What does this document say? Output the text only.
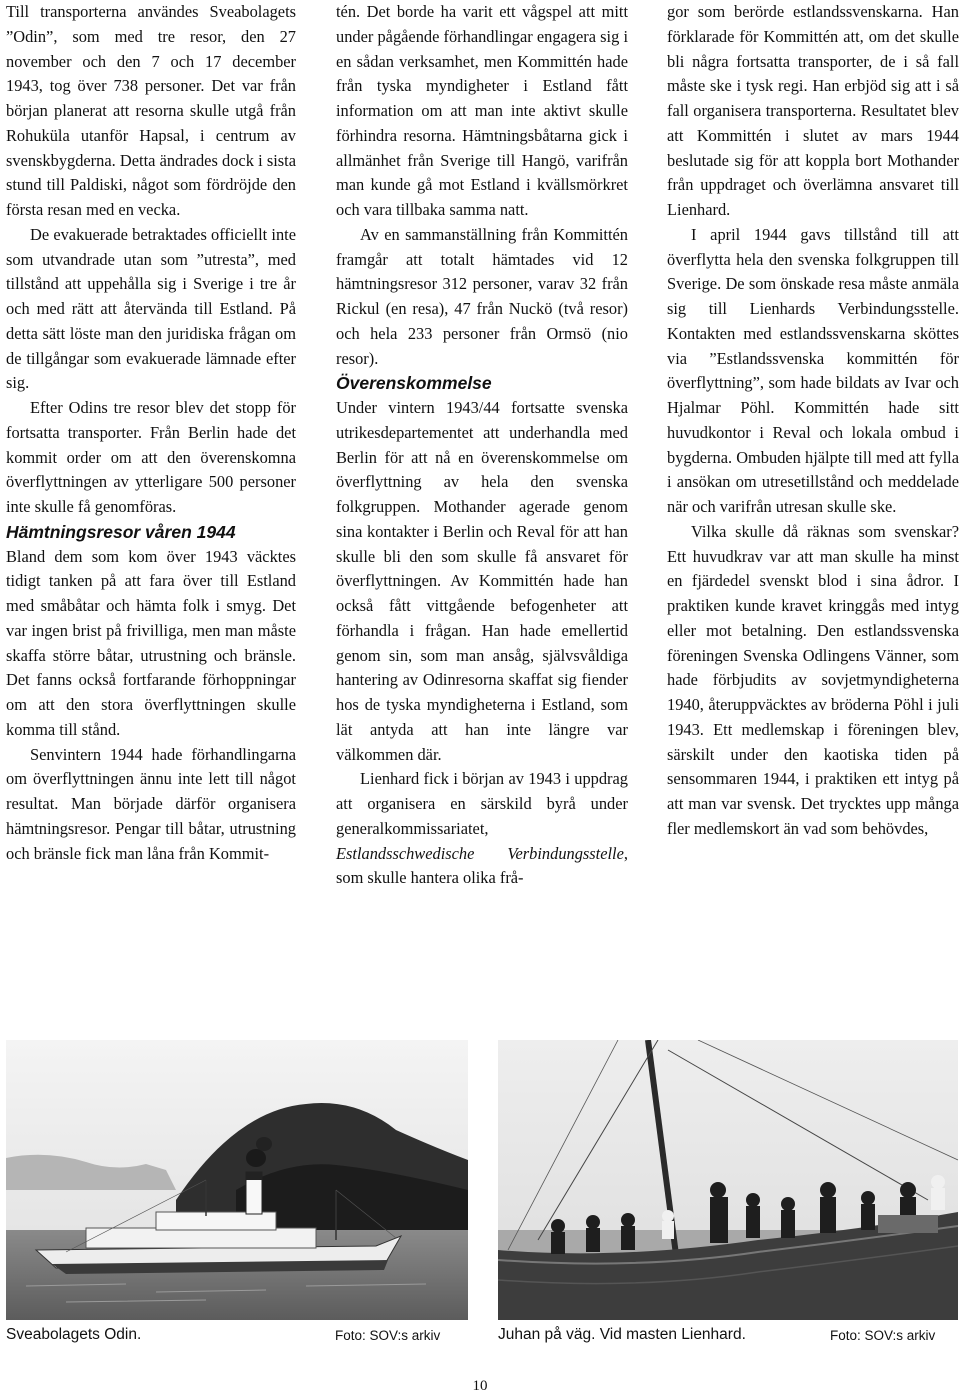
Till transporterna användes Sveabolagets ”Odin”, som med tre resor, den 27 november och den 7 och 17 december 1943, tog över 738 personer. Det var från början planerat att resorna skulle utgå från Rohuküla utanför Hapsal, i centrum av svenskbygderna. Detta ändrades dock i sista stund till Paldiski, något som fördröjde den första resan med en vecka.

De evakuerade betraktades officiellt inte som utvandrade utan som ”utresta”, med tillstånd att uppehålla sig i Sverige i tre år och med rätt att återvända till Estland. På detta sätt löste man den juridiska frågan om de tillgångar som evakuerade lämnade efter sig.

Efter Odins tre resor blev det stopp för fortsatta transporter. Från Berlin hade det kommit order om att den överenskomna överflyttningen av ytterligare 500 personer inte skulle få genomföras.

Hämtningsresor våren 1944

Bland dem som kom över 1943 väcktes tidigt tanken på att fara över till Estland med småbåtar och hämta folk i smyg. Det var ingen brist på frivilliga, men man måste skaffa större båtar, utrustning och bränsle. Det fanns också fortfarande förhoppningar om att den stora överflyttningen skulle komma till stånd.

Senvintern 1944 hade förhandlingarna om överflyttningen ännu inte lett till något resultat. Man började därför organisera hämtningsresor. Pengar till båtar, utrustning och bränsle fick man låna från Kommit-

tén. Det borde ha varit ett vågspel att mitt under pågående förhandlingar engagera sig i en sådan verksamhet, men Kommittén hade från tyska myndigheter i Estland fått information om att man inte aktivt skulle förhindra resorna. Hämtningsbåtarna gick i allmänhet från Sverige till Hangö, varifrån man kunde gå mot Estland i kvällsmörkret och vara tillbaka samma natt.

Av en sammanställning från Kommittén framgår att totalt hämtades vid 12 hämtningsresor 312 personer, varav 32 från Rickul (en resa), 47 från Nuckö (två resor) och hela 233 personer från Ormsö (nio resor).

Överenskommelse

Under vintern 1943/44 fortsatte svenska utrikesdepartementet att underhandla med Berlin för att nå en överenskommelse om överflyttning av hela den svenska folkgruppen. Mothander agerade genom sina kontakter i Berlin och Reval för att han skulle bli den som skulle få ansvaret för överflyttningen. Av Kommittén hade han också fått vittgående befogenheter att förhandla i frågan. Han hade emellertid genom sin, som man ansåg, självsvåldiga hantering av Odinresorna skaffat sig fiender hos de tyska myndigheterna i Estland, som lät antyda att han inte längre var välkommen där.

Lienhard fick i början av 1943 i uppdrag att organisera en särskild byrå under generalkommissariatet, Estlandsschwedische Verbindungsstelle, som skulle hantera olika frå-

gor som berörde estlandssvenskarna. Han förklarade för Kommittén att, om det skulle bli några fortsatta transporter, de i så fall måste ske i tysk regi. Han erbjöd sig att i så fall organisera transporterna. Resultatet blev att Kommittén i slutet av mars 1944 beslutade sig för att koppla bort Mothander från uppdraget och överlämna ansvaret till Lienhard.

I april 1944 gavs tillstånd till att överflytta hela den svenska folkgruppen till Sverige. De som önskade resa måste anmäla sig till Lienhards Verbindungsstelle. Kontakten med estlandssvenskarna sköttes via ”Estlandssvenska kommittén för överflyttning”, som hade bildats av Ivar och Hjalmar Pöhl. Kommittén hade sitt huvudkontor i Reval och lokala ombud i bygderna. Ombuden hjälpte till med att fylla i ansökan om utresetillstånd och meddelade när och varifrån utresan skulle ske.

Vilka skulle då räknas som svenskar? Ett huvudkrav var att man skulle ha minst en fjärdedel svenskt blod i sina ådror. I praktiken kunde kravet kringgås med intyg eller mot betalning. Den estlandssvenska föreningen Svenska Odlingens Vänner, som hade förbjudits av sovjetmyndigheterna 1940, återuppväcktes av bröderna Pöhl i juli 1943. Ett medlemskap i föreningen blev, särskilt under den kaotiska tiden på sensommaren 1944, i praktiken ett intyg på att man var svensk. Det trycktes upp många fler medlemskort än vad som behövdes,

Sveabolagets Odin.	Foto: SOV:s arkiv	Juhan på väg. Vid masten Lienhard.	Foto: SOV:s arkiv
10
